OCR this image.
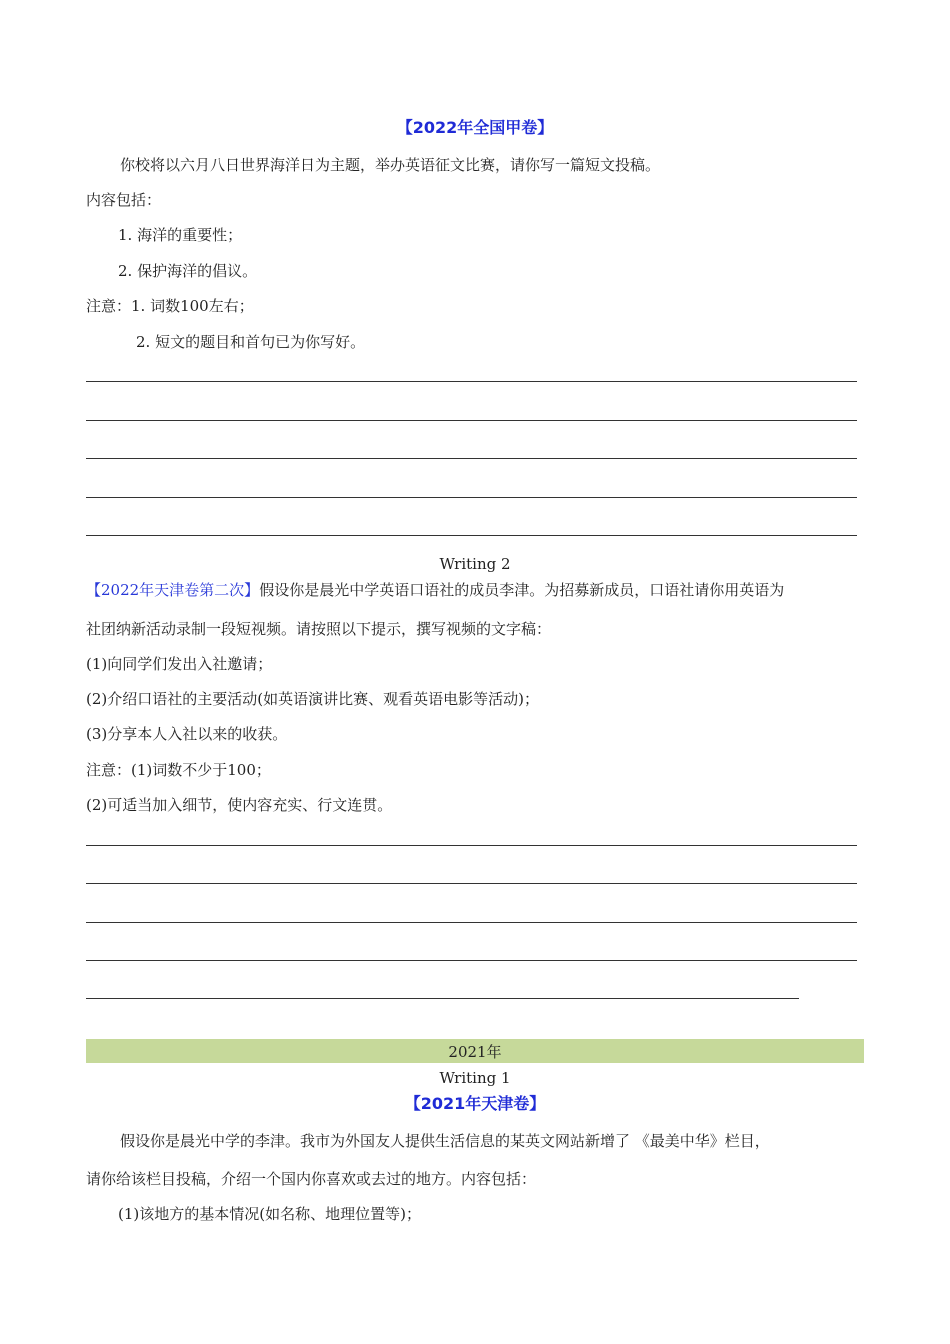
【2022年全国甲卷】
你校将以六月八日世界海洋日为主题，举办英语征文比赛，请你写一篇短文投稿。
内容包括：
1. 海洋的重要性；
2. 保护海洋的倡议。
注意：1. 词数100左右；
2. 短文的题目和首句已为你写好。
Writing 2
【2022年天津卷第二次】假设你是晨光中学英语口语社的成员李津。为招募新成员，口语社请你用英语为
社团纳新活动录制一段短视频。请按照以下提示，撰写视频的文字稿：
(1)向同学们发出入社邀请；
(2)介绍口语社的主要活动(如英语演讲比赛、观看英语电影等活动)；
(3)分享本人入社以来的收获。
注意：(1)词数不少于100；
(2)可适当加入细节，使内容充实、行文连贯。
2021年
Writing 1
【2021年天津卷】
假设你是晨光中学的李津。我市为外国友人提供生活信息的某英文网站新增了 《最美中华》栏目，
请你给该栏目投稿，介绍一个国内你喜欢或去过的地方。内容包括：
(1)该地方的基本情况(如名称、地理位置等)；
